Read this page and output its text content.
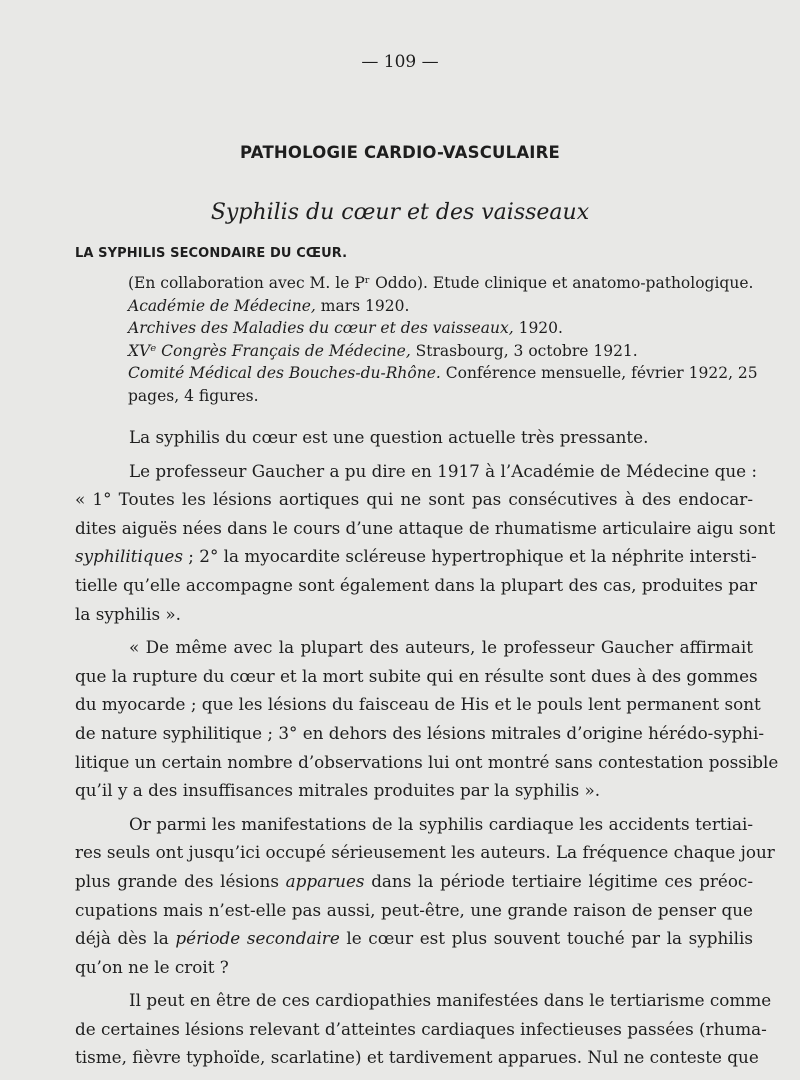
— 109 —
PATHOLOGIE CARDIO-VASCULAIRE
Syphilis du cœur et des vaisseaux
LA SYPHILIS SECONDAIRE DU CŒUR.
(En collaboration avec M. le Pʳ Oddo). Etude clinique et anatomo-pathologique.
Académie de Médecine, mars 1920.
Archives des Maladies du cœur et des vaisseaux, 1920.
XVᵉ Congrès Français de Médecine, Strasbourg, 3 octobre 1921.
Comité Médical des Bouches-du-Rhône. Conférence mensuelle, février 1922, 25
pages, 4 figures.
La syphilis du cœur est une question actuelle très pressante.
Le professeur Gaucher a pu dire en 1917 à l’Académie de Médecine que :
« 1° Toutes les lésions aortiques qui ne sont pas consécutives à des endocar-
dites aiguës nées dans le cours d’une attaque de rhumatisme articulaire aigu sont
syphilitiques ; 2° la myocardite scléreuse hypertrophique et la néphrite intersti-
tielle qu’elle accompagne sont également dans la plupart des cas, produites par
la syphilis ».
« De même avec la plupart des auteurs, le professeur Gaucher affirmait
que la rupture du cœur et la mort subite qui en résulte sont dues à des gommes
du myocarde ; que les lésions du faisceau de His et le pouls lent permanent sont
de nature syphilitique ; 3° en dehors des lésions mitrales d’origine hérédo-syphi-
litique un certain nombre d’observations lui ont montré sans contestation possible
qu’il y a des insuffisances mitrales produites par la syphilis ».
Or parmi les manifestations de la syphilis cardiaque les accidents tertiai-
res seuls ont jusqu’ici occupé sérieusement les auteurs. La fréquence chaque jour
plus grande des lésions apparues dans la période tertiaire légitime ces préoc-
cupations mais n’est-elle pas aussi, peut-être, une grande raison de penser que
déjà dès la période secondaire le cœur est plus souvent touché par la syphilis
qu’on ne le croit ?
Il peut en être de ces cardiopathies manifestées dans le tertiarisme comme
de certaines lésions relevant d’atteintes cardiaques infectieuses passées (rhuma-
tisme, fièvre typhoïde, scarlatine) et tardivement apparues. Nul ne conteste que
